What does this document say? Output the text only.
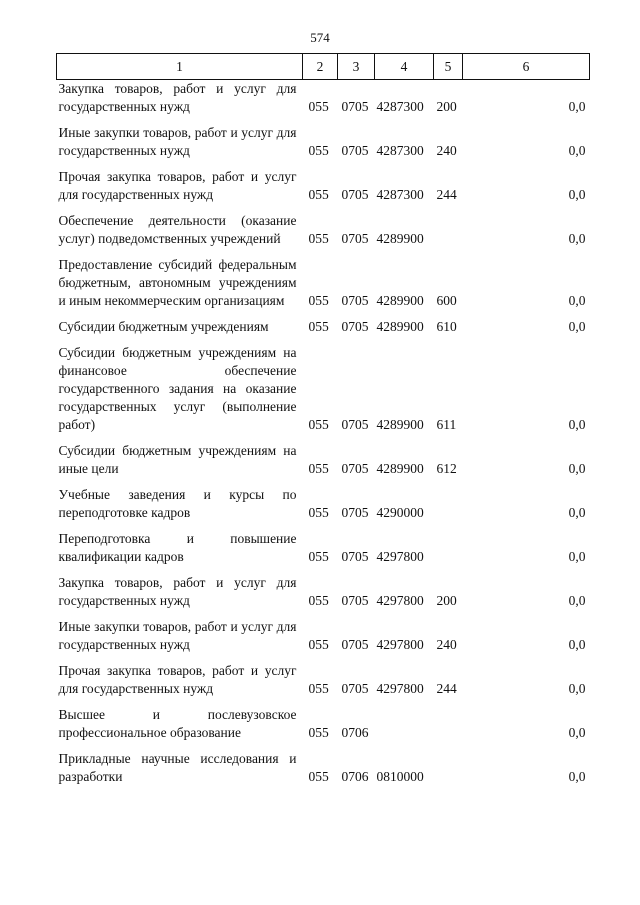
574
1	2	3	4	5	6
Закупка товаров, работ и услуг для государственных нужд	055	0705	4287300	200	0,0

Иные закупки товаров, работ и услуг для государственных нужд	055	0705	4287300	240	0,0

Прочая закупка товаров, работ и услуг для государственных нужд	055	0705	4287300	244	0,0

Обеспечение деятельности (оказание услуг) подведомственных учреждений	055	0705	4289900		0,0

Предоставление субсидий федеральным бюджетным, автономным учреждениям и иным некоммерческим организациям	055	0705	4289900	600	0,0

Субсидии бюджетным учреждениям	055	0705	4289900	610	0,0

Субсидии бюджетным учреждениям на финансовое обеспечение государственного задания на оказание государственных услуг (выполнение работ)	055	0705	4289900	611	0,0

Субсидии бюджетным учреждениям на иные цели	055	0705	4289900	612	0,0

Учебные заведения и курсы по переподготовке кадров	055	0705	4290000		0,0

Переподготовка и повышение квалификации кадров	055	0705	4297800		0,0

Закупка товаров, работ и услуг для государственных нужд	055	0705	4297800	200	0,0

Иные закупки товаров, работ и услуг для государственных нужд	055	0705	4297800	240	0,0

Прочая закупка товаров, работ и услуг для государственных нужд	055	0705	4297800	244	0,0

Высшее и послевузовское профессиональное образование	055	0706			0,0

Прикладные научные исследования и разработки	055	0706	0810000		0,0
